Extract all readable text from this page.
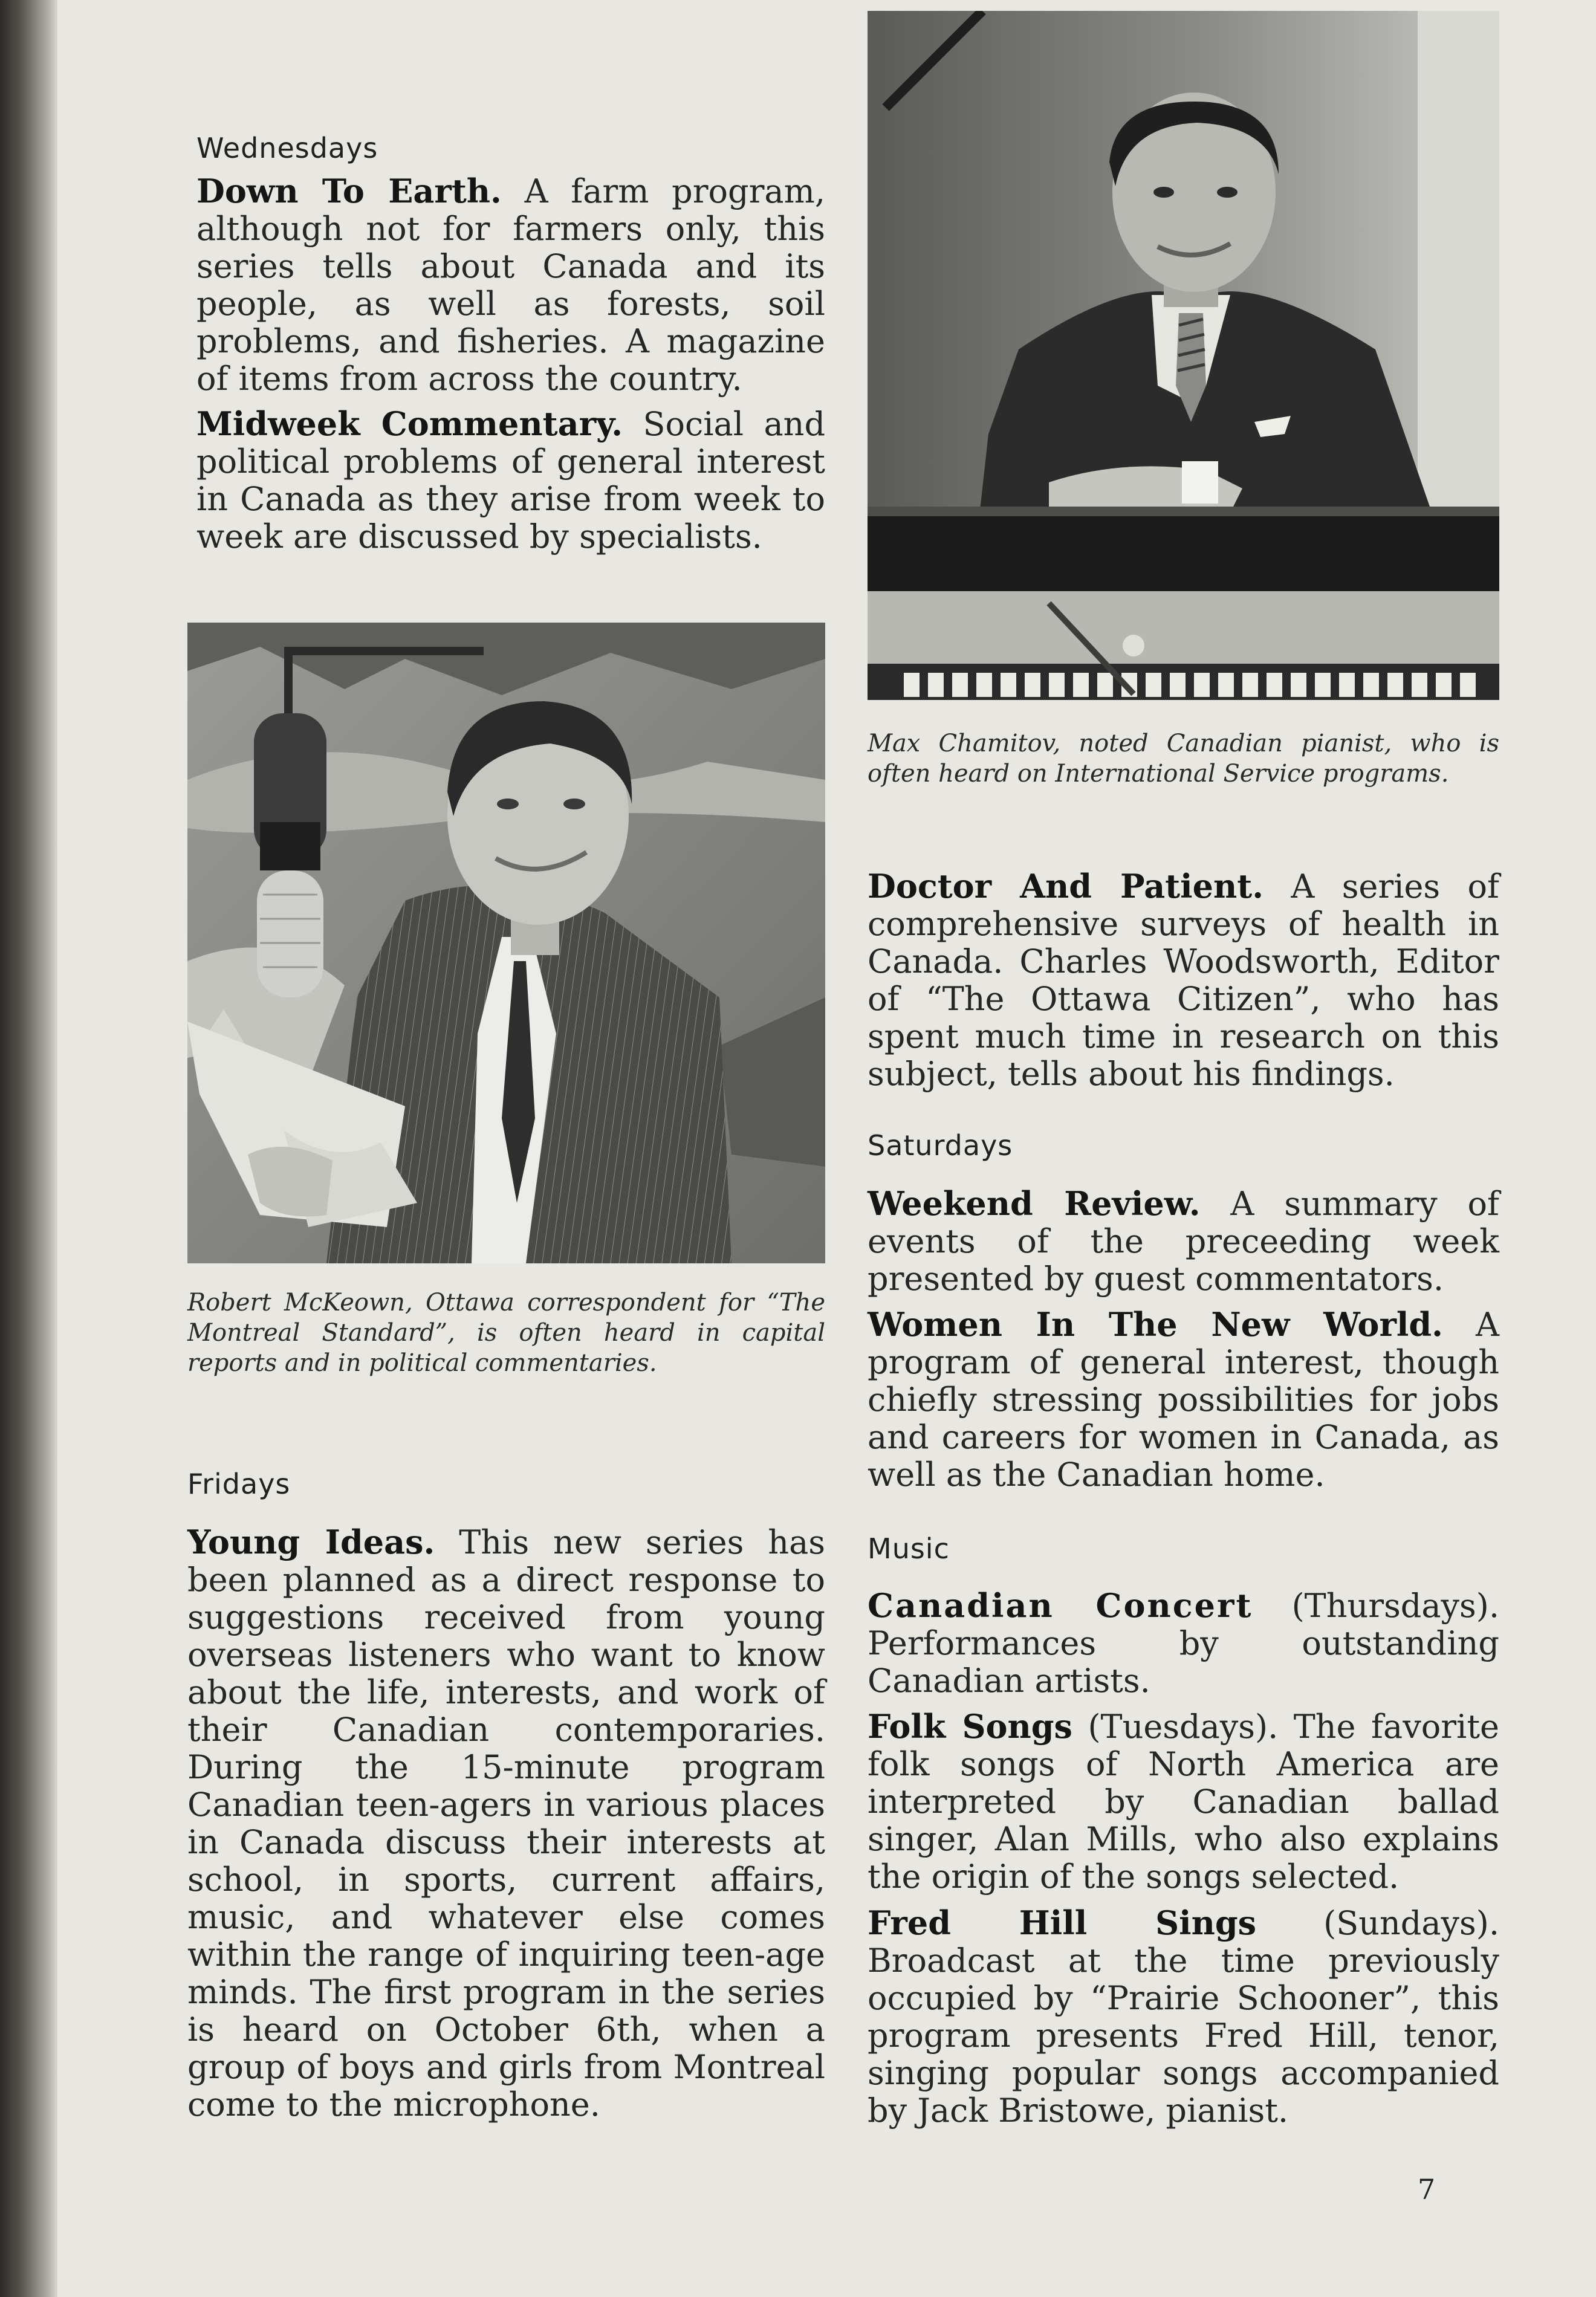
Wednesdays
Down To Earth. A farm program, although not for farmers only, this series tells about Canada and its people, as well as forests, soil problems, and fisheries. A magazine of items from across the country.
Midweek Commentary. Social and political problems of general interest in Canada as they arise from week to week are discussed by specialists.
Robert McKeown, Ottawa correspondent for “The Montreal Standard”, is often heard in capital reports and in political commentaries.
Fridays
Young Ideas. This new series has been planned as a direct response to suggestions received from young overseas listeners who want to know about the life, interests, and work of their Canadian contemporaries. During the 15-minute program Canadian teen-agers in various places in Canada discuss their interests at school, in sports, current affairs, music, and whatever else comes within the range of inquiring teen-age minds. The first program in the series is heard on October 6th, when a group of boys and girls from Montreal come to the microphone.
Max Chamitov, noted Canadian pianist, who is often heard on International Service programs.
Doctor And Patient. A series of comprehensive surveys of health in Canada. Charles Woodsworth, Editor of “The Ottawa Citizen”, who has spent much time in research on this subject, tells about his findings.
Saturdays
Weekend Review. A summary of events of the preceeding week presented by guest commentators.
Women In The New World. A program of general interest, though chiefly stressing possibilities for jobs and careers for women in Canada, as well as the Canadian home.
Music
Canadian Concert (Thursdays). Performances by outstanding Canadian artists.
Folk Songs (Tuesdays). The favorite folk songs of North America are interpreted by Canadian ballad singer, Alan Mills, who also explains the origin of the songs selected.
Fred Hill Sings (Sundays). Broadcast at the time previously occupied by “Prairie Schooner”, this program presents Fred Hill, tenor, singing popular songs accompanied by Jack Bristowe, pianist.
7
